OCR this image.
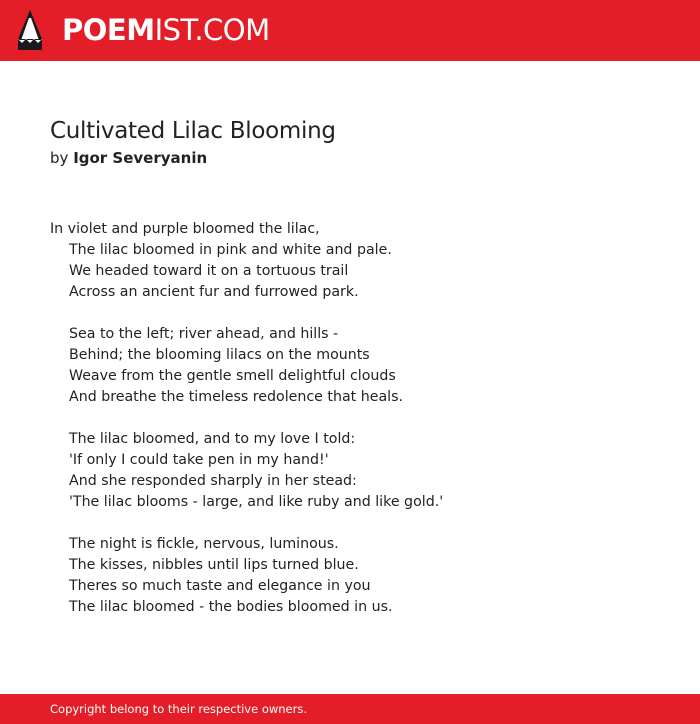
POEMIST.COM
Cultivated Lilac Blooming
by Igor Severyanin
In violet and purple bloomed the lilac,
The lilac bloomed in pink and white and pale.
We headed toward it on a tortuous trail
Across an ancient fur and furrowed park.
Sea to the left; river ahead, and hills -
Behind; the blooming lilacs on the mounts
Weave from the gentle smell delightful clouds
And breathe the timeless redolence that heals.
The lilac bloomed, and to my love I told:
'If only I could take pen in my hand!'
And she responded sharply in her stead:
'The lilac blooms - large, and like ruby and like gold.'
The night is fickle, nervous, luminous.
The kisses, nibbles until lips turned blue.
Theres so much taste and elegance in you
The lilac bloomed - the bodies bloomed in us.
Copyright belong to their respective owners.
